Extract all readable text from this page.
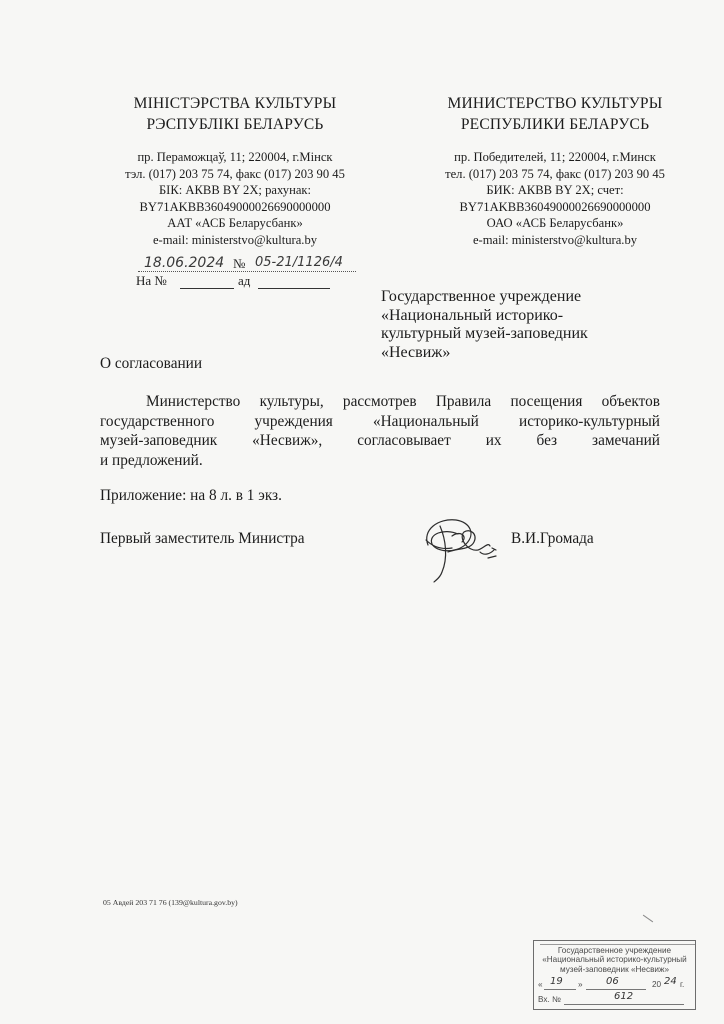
МІНІСТЭРСТВА КУЛЬТУРЫ
РЭСПУБЛІКІ БЕЛАРУСЬ
пр. Пераможцаў, 11; 220004, г.Мінск
тэл. (017) 203 75 74, факс (017) 203 90 45
БІК: АКВВ BY 2X; рахунак:
BY71AKBB36049000026690000000
ААТ «АСБ Беларусбанк»
e-mail: ministerstvo@kultura.by
МИНИСТЕРСТВО КУЛЬТУРЫ
РЕСПУБЛИКИ БЕЛАРУСЬ
пр. Победителей, 11; 220004, г.Минск
тел. (017) 203 75 74, факс (017) 203 90 45
БИК: АКВВ BY 2X; счет:
BY71AKBB36049000026690000000
ОАО «АСБ Беларусбанк»
e-mail: ministerstvo@kultura.by
18.06.2024 № 05-21/1126/4
На №	ад
Государственное учреждение
«Национальный историко-
культурный музей-заповедник
«Несвиж»
О согласовании
Министерство культуры, рассмотрев Правила посещения объектов
государственного учреждения «Национальный историко-культурный
музей-заповедник «Несвиж», согласовывает их без замечаний
и предложений.
Приложение: на 8 л. в 1 экз.
Первый заместитель Министра	В.И.Громада
05 Авдей 203 71 76 (139@kultura.gov.by)
Государственное учреждение
«Национальный историко-культурный
музей-заповедник «Несвиж»
« 19 » 06	20 24 г.
Вх. №	612
